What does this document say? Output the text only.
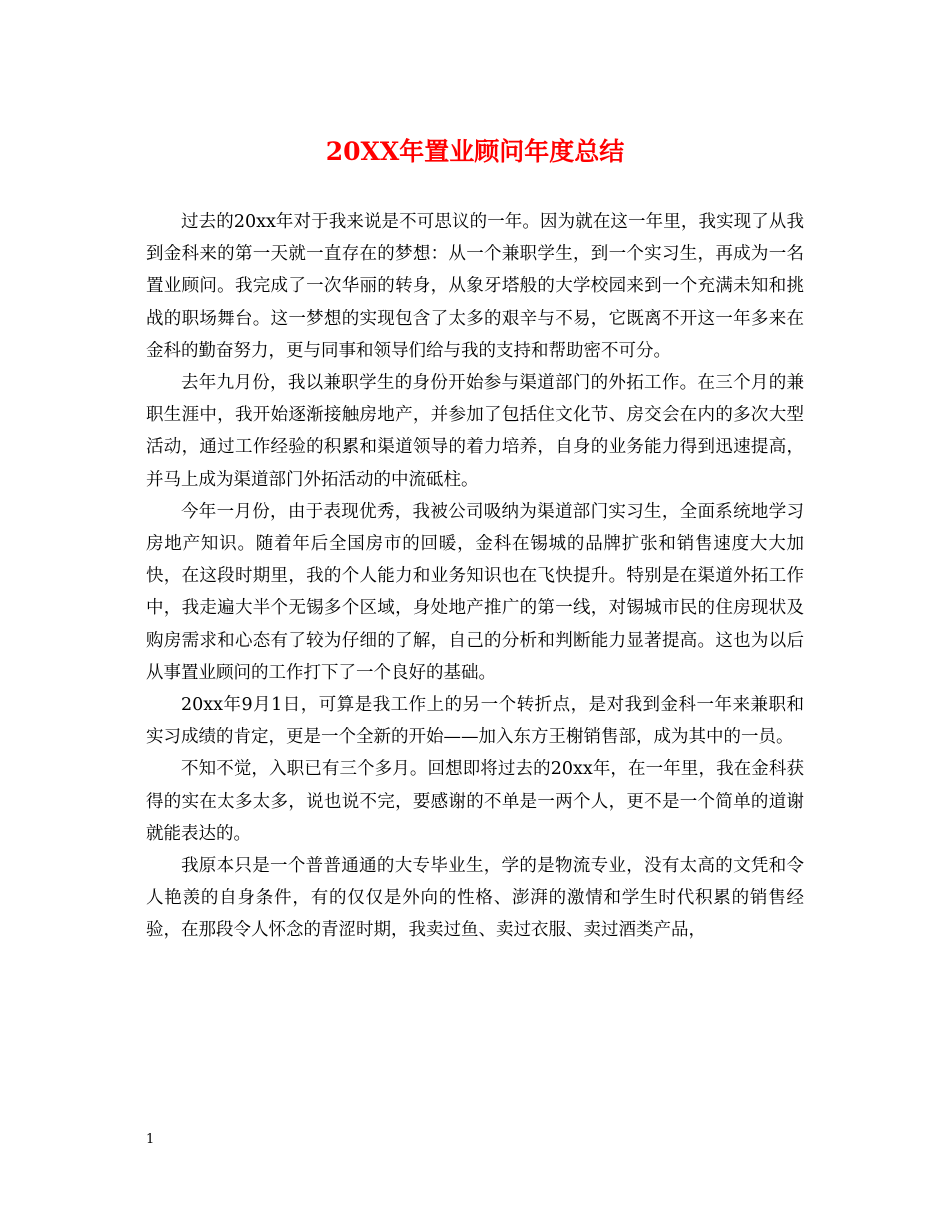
20XX年置业顾问年度总结

过去的20xx年对于我来说是不可思议的一年。因为就在这一年里，我实现了从我到金科来的第一天就一直存在的梦想：从一个兼职学生，到一个实习生，再成为一名置业顾问。我完成了一次华丽的转身，从象牙塔般的大学校园来到一个充满未知和挑战的职场舞台。这一梦想的实现包含了太多的艰辛与不易，它既离不开这一年多来在金科的勤奋努力，更与同事和领导们给与我的支持和帮助密不可分。

去年九月份，我以兼职学生的身份开始参与渠道部门的外拓工作。在三个月的兼职生涯中，我开始逐渐接触房地产，并参加了包括住文化节、房交会在内的多次大型活动，通过工作经验的积累和渠道领导的着力培养，自身的业务能力得到迅速提高，并马上成为渠道部门外拓活动的中流砥柱。

今年一月份，由于表现优秀，我被公司吸纳为渠道部门实习生，全面系统地学习房地产知识。随着年后全国房市的回暖，金科在锡城的品牌扩张和销售速度大大加快，在这段时期里，我的个人能力和业务知识也在飞快提升。特别是在渠道外拓工作中，我走遍大半个无锡多个区域，身处地产推广的第一线，对锡城市民的住房现状及购房需求和心态有了较为仔细的了解，自己的分析和判断能力显著提高。这也为以后从事置业顾问的工作打下了一个良好的基础。

20xx年9月1日，可算是我工作上的另一个转折点，是对我到金科一年来兼职和实习成绩的肯定，更是一个全新的开始——加入东方王榭销售部，成为其中的一员。

不知不觉，入职已有三个多月。回想即将过去的20xx年，在一年里，我在金科获得的实在太多太多，说也说不完，要感谢的不单是一两个人，更不是一个简单的道谢就能表达的。

我原本只是一个普普通通的大专毕业生，学的是物流专业，没有太高的文凭和令人艳羡的自身条件，有的仅仅是外向的性格、澎湃的激情和学生时代积累的销售经验，在那段令人怀念的青涩时期，我卖过鱼、卖过衣服、卖过酒类产品，

1
